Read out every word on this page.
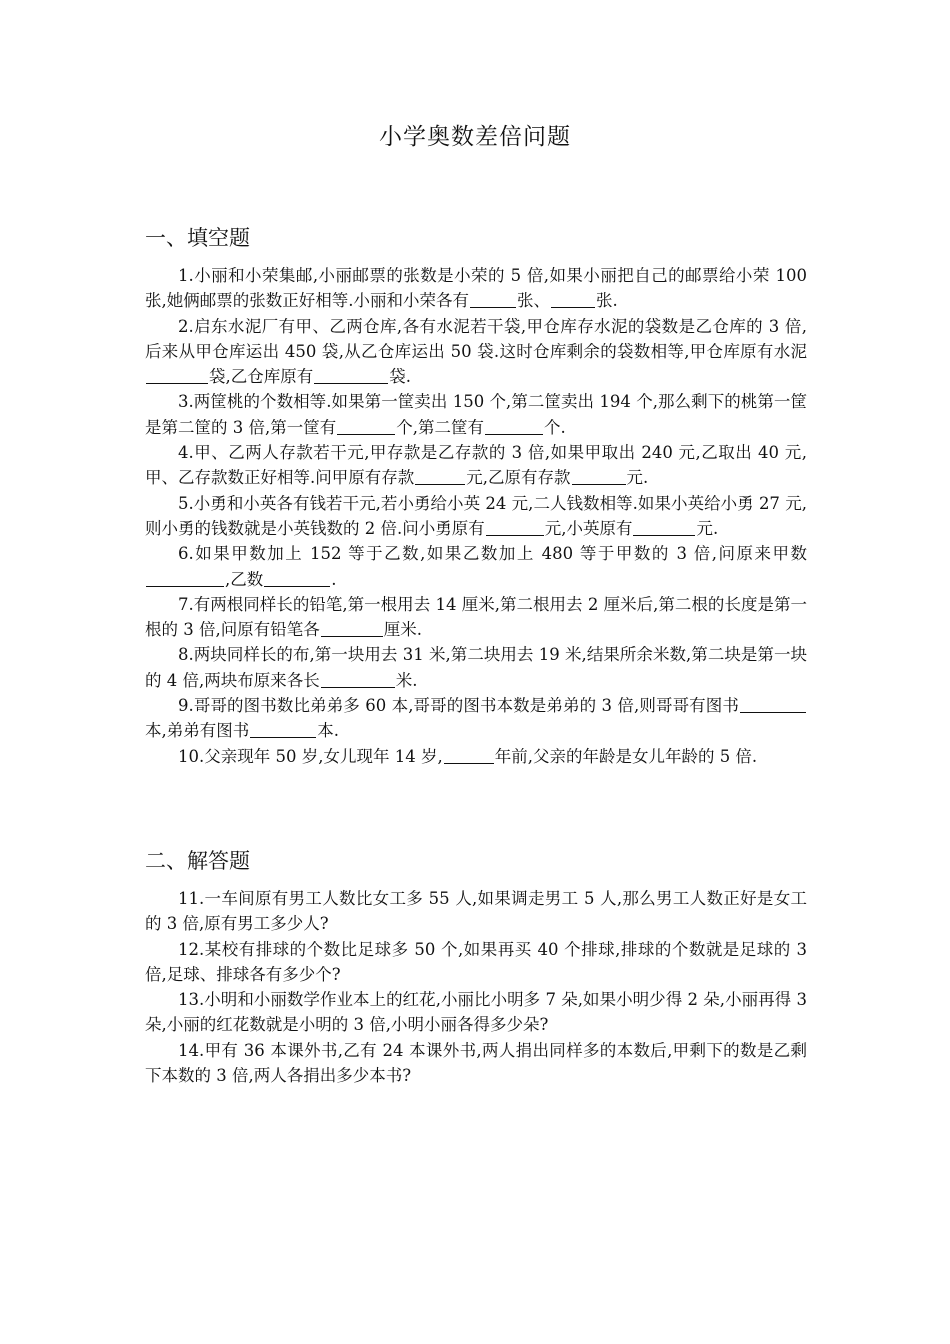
小学奥数差倍问题
一、填空题

1.小丽和小荣集邮,小丽邮票的张数是小荣的 5 倍,如果小丽把自己的邮票给小荣 100 张,她俩邮票的张数正好相等.小丽和小荣各有	张、	张.

2.启东水泥厂有甲、乙两仓库,各有水泥若干袋,甲仓库存水泥的袋数是乙仓库的 3 倍,后来从甲仓库运出 450 袋,从乙仓库运出 50 袋.这时仓库剩余的袋数相等,甲仓库原有水泥袋,乙仓库原有	袋.

3.两筐桃的个数相等.如果第一筐卖出 150 个,第二筐卖出 194 个,那么剩下的桃第一筐是第二筐的 3 倍,第一筐有	个,第二筐有	个.

4.甲、乙两人存款若干元,甲存款是乙存款的 3 倍,如果甲取出 240 元,乙取出 40 元,甲、乙存款数正好相等.问甲原有存款	元,乙原有存款	元.

5.小勇和小英各有钱若干元,若小勇给小英 24 元,二人钱数相等.如果小英给小勇 27 元,则小勇的钱数就是小英钱数的 2 倍.问小勇原有	元,小英原有	元.

6.如果甲数加上 152 等于乙数,如果乙数加上 480 等于甲数的 3 倍,问原来甲数,乙数	.

7.有两根同样长的铅笔,第一根用去 14 厘米,第二根用去 2 厘米后,第二根的长度是第一根的 3 倍,问原有铅笔各	厘米.

8.两块同样长的布,第一块用去 31 米,第二块用去 19 米,结果所余米数,第二块是第一块的 4 倍,两块布原来各长	米.

9.哥哥的图书数比弟弟多 60 本,哥哥的图书本数是弟弟的 3 倍,则哥哥有图书本,弟弟有图书	本.

10.父亲现年 50 岁,女儿现年 14 岁,	年前,父亲的年龄是女儿年龄的 5 倍.

二、解答题

11.一车间原有男工人数比女工多 55 人,如果调走男工 5 人,那么男工人数正好是女工的 3 倍,原有男工多少人?

12.某校有排球的个数比足球多 50 个,如果再买 40 个排球,排球的个数就是足球的 3 倍,足球、排球各有多少个?

13.小明和小丽数学作业本上的红花,小丽比小明多 7 朵,如果小明少得 2 朵,小丽再得 3 朵,小丽的红花数就是小明的 3 倍,小明小丽各得多少朵?

14.甲有 36 本课外书,乙有 24 本课外书,两人捐出同样多的本数后,甲剩下的数是乙剩下本数的 3 倍,两人各捐出多少本书?
